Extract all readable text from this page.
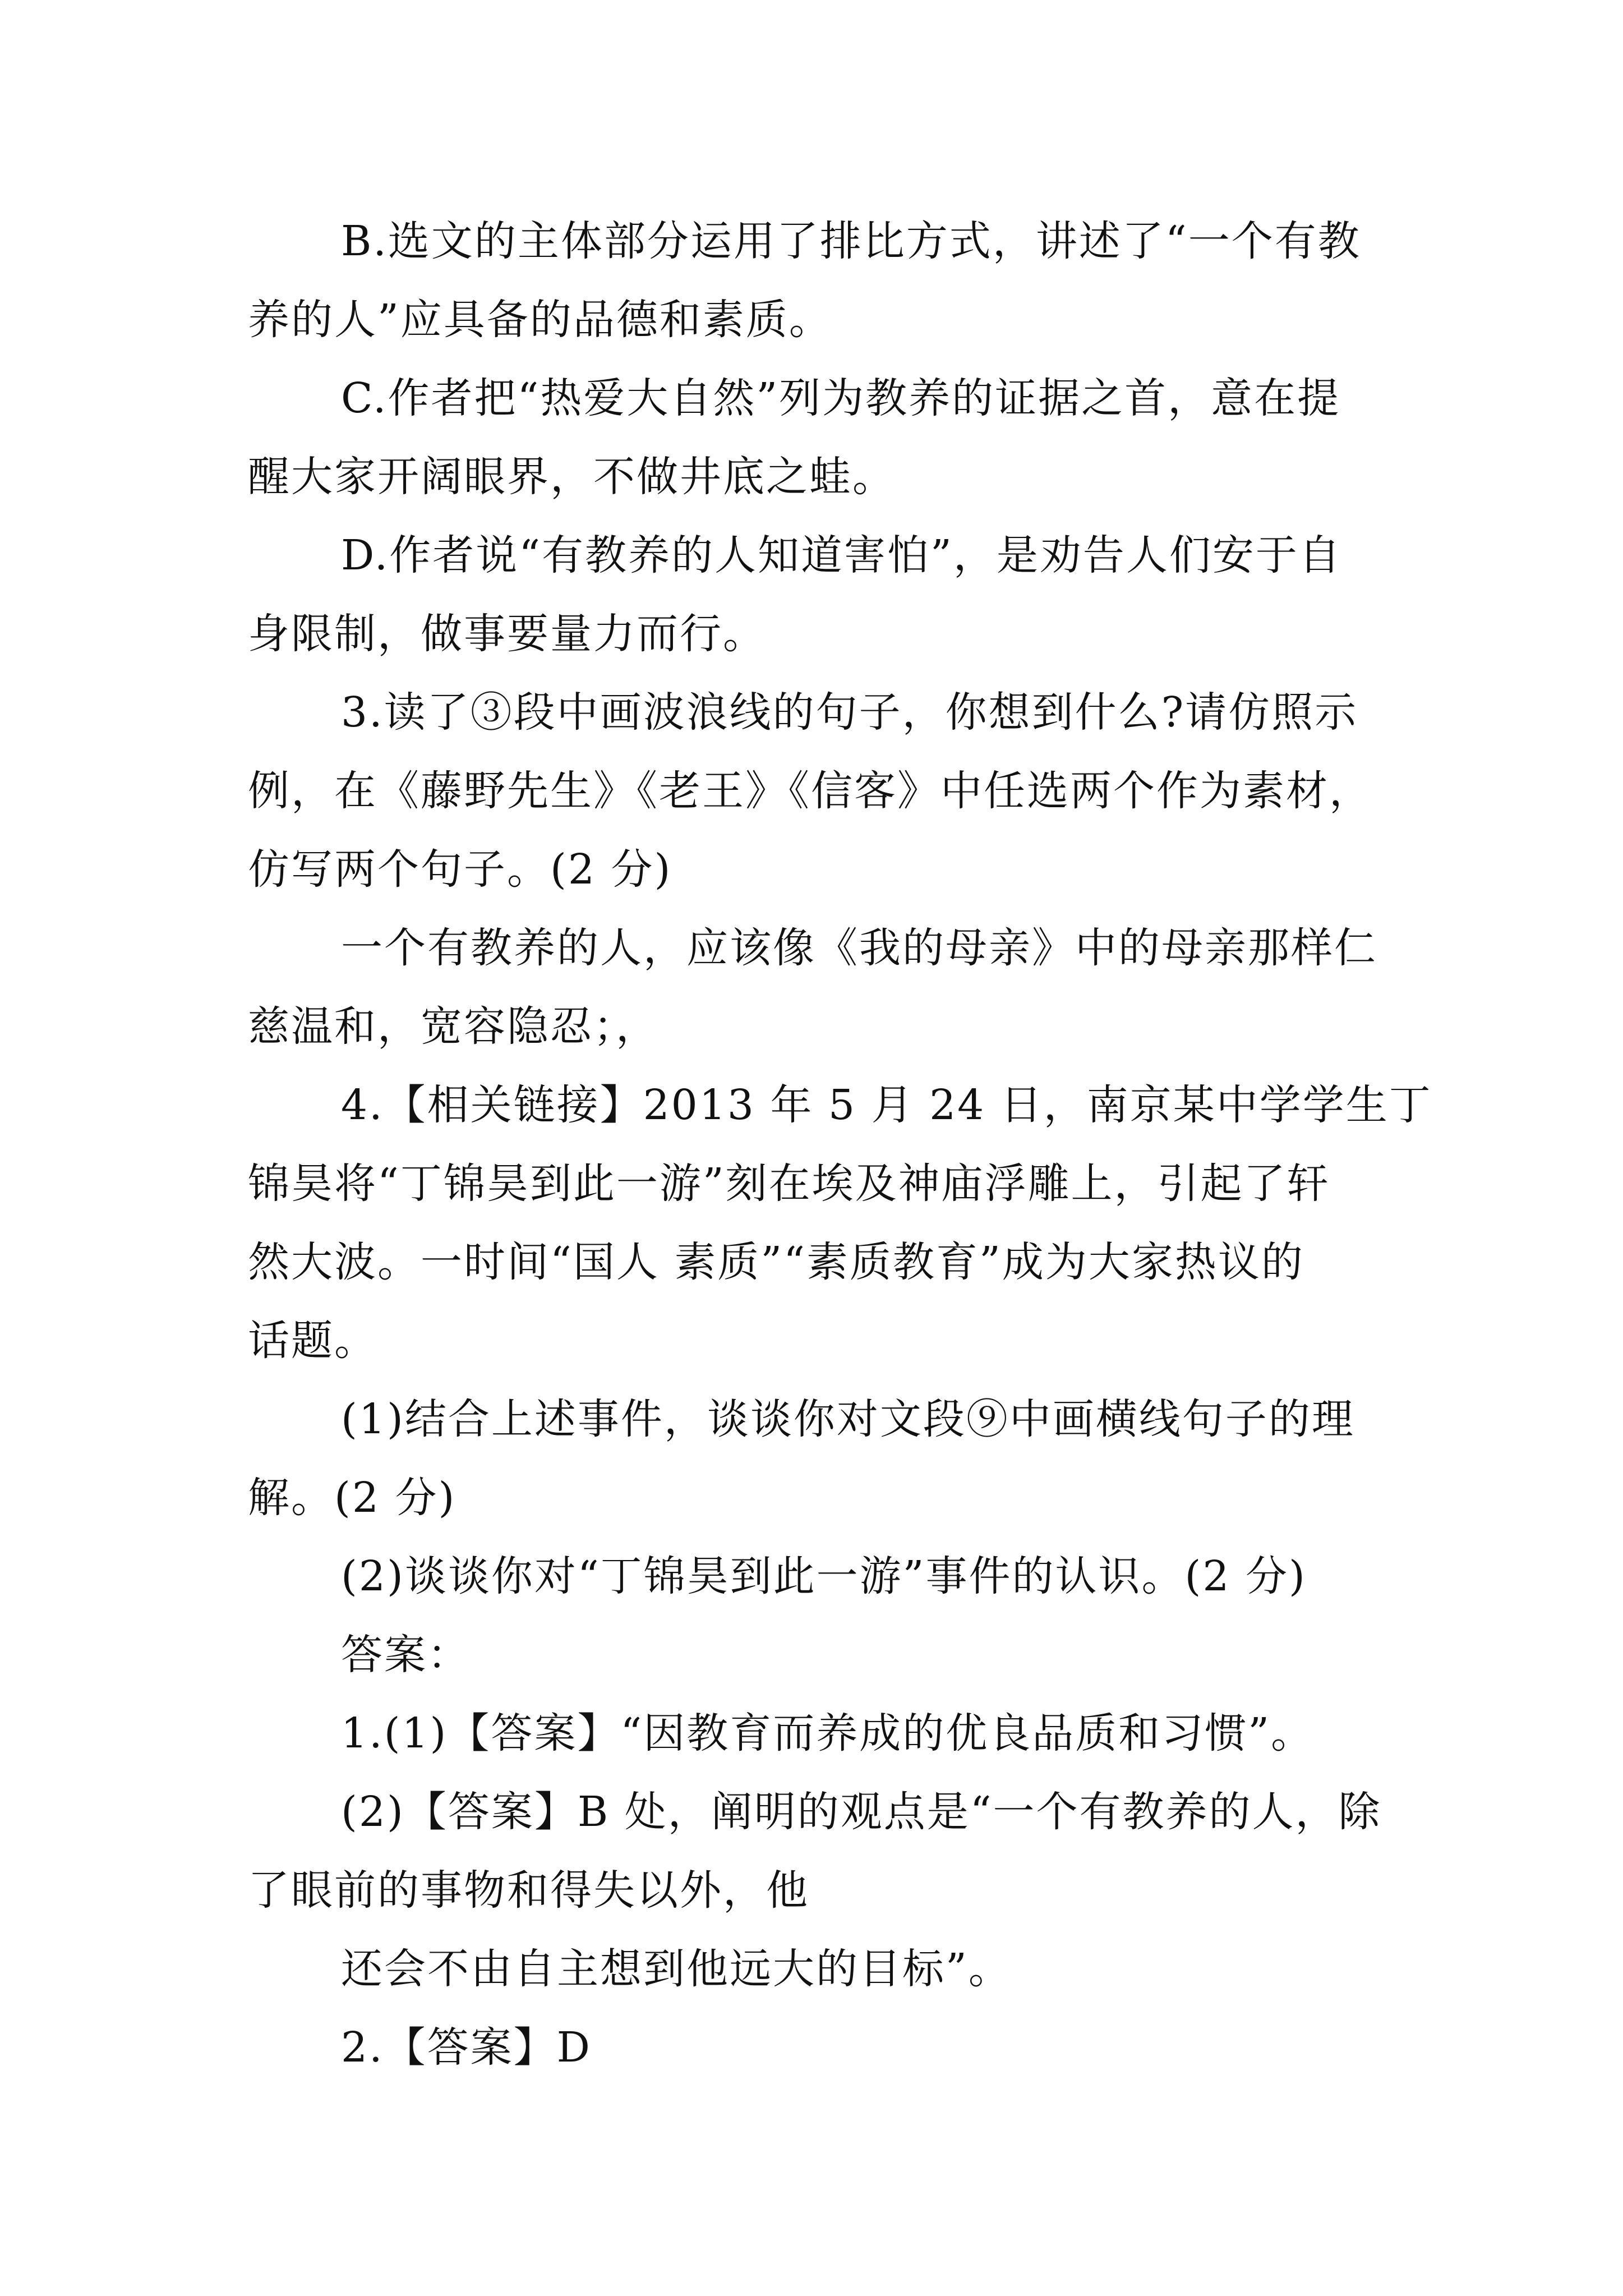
B.选文的主体部分运用了排比方式，讲述了“一个有教
养的人”应具备的品德和素质。
C.作者把“热爱大自然”列为教养的证据之首，意在提
醒大家开阔眼界，不做井底之蛙。
D.作者说“有教养的人知道害怕”，是劝告人们安于自
身限制，做事要量力而行。
3.读了③段中画波浪线的句子，你想到什么?请仿照示
例，在《藤野先生》《老王》《信客》中任选两个作为素材，
仿写两个句子。(2 分)
一个有教养的人，应该像《我的母亲》中的母亲那样仁
慈温和，宽容隐忍；，
4.【相关链接】2013 年 5 月 24 日，南京某中学学生丁
锦昊将“丁锦昊到此一游”刻在埃及神庙浮雕上，引起了轩
然大波。一时间“国人 素质”“素质教育”成为大家热议的
话题。
(1)结合上述事件，谈谈你对文段⑨中画横线句子的理
解。(2 分)
(2)谈谈你对“丁锦昊到此一游”事件的认识。(2 分)
答案：
1.(1)【答案】“因教育而养成的优良品质和习惯”。
(2)【答案】B 处，阐明的观点是“一个有教养的人，除
了眼前的事物和得失以外，他
还会不由自主想到他远大的目标”。
2.【答案】D
